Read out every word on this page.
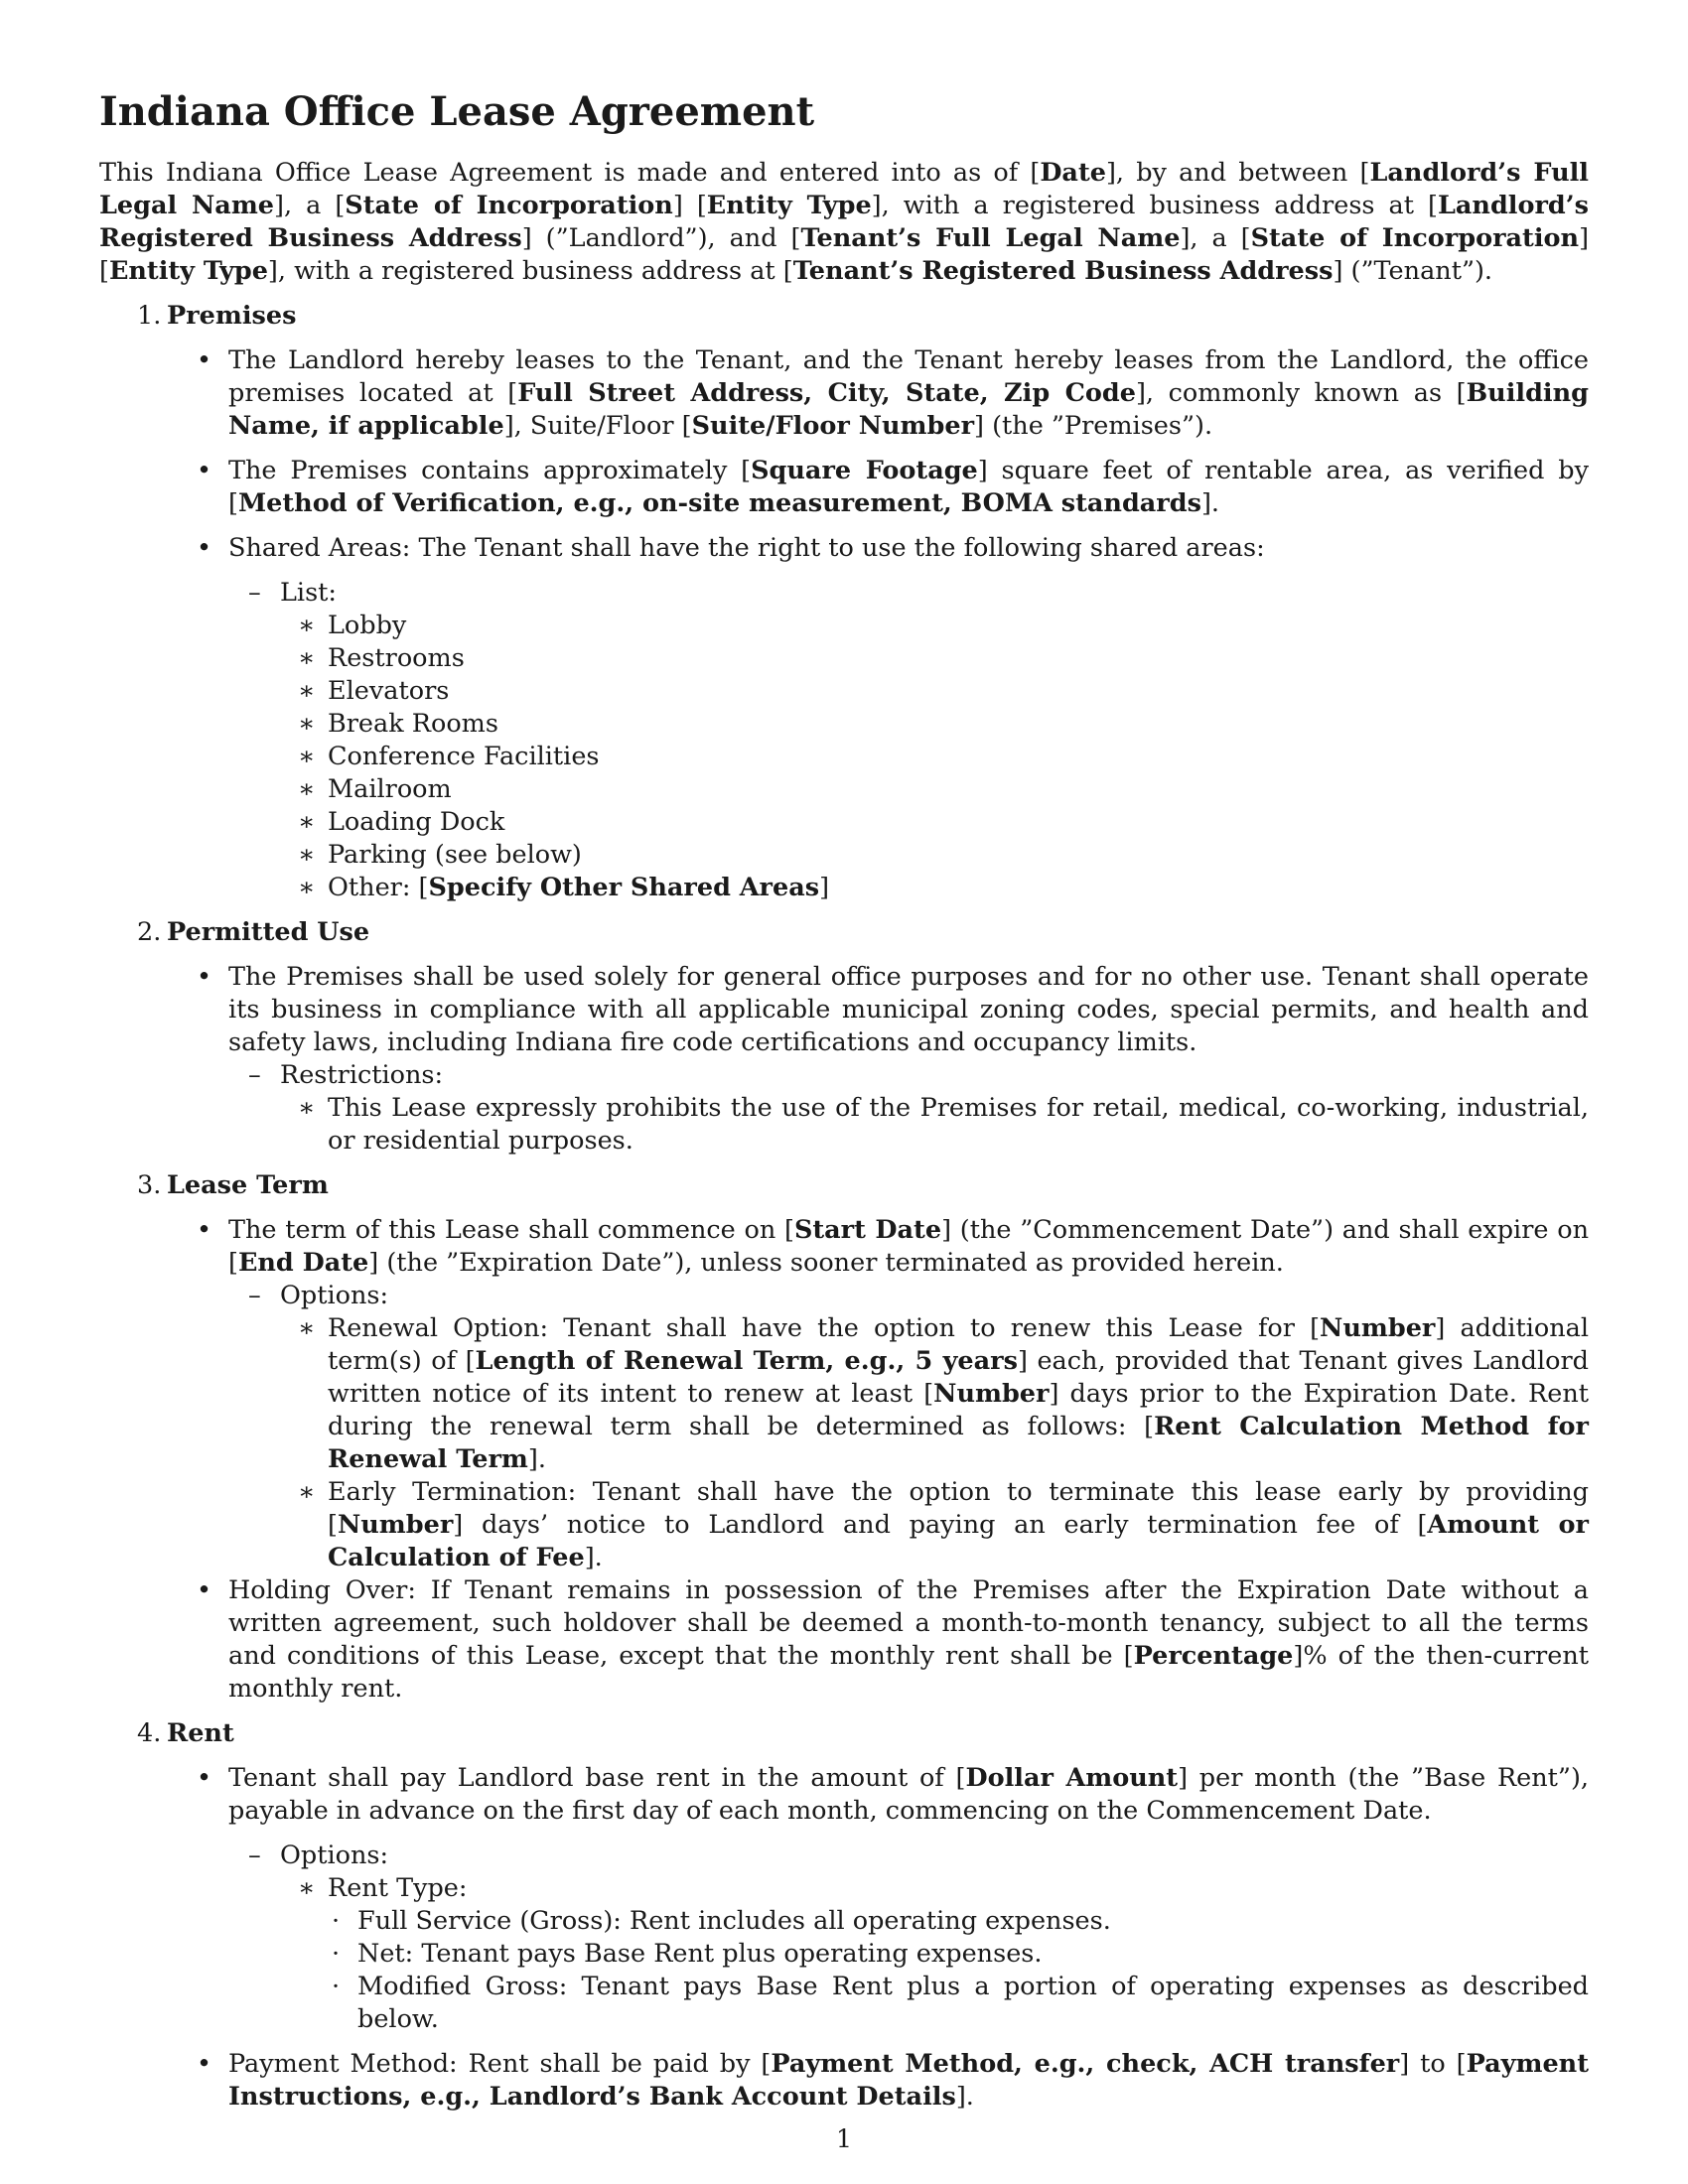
Indiana Office Lease Agreement

This Indiana Office Lease Agreement is made and entered into as of [Date], by and between [Landlord’s Full Legal Name], a [State of Incorporation] [Entity Type], with a registered business address at [Landlord’s Registered Business Address] (”Landlord”), and [Tenant’s Full Legal Name], a [State of Incorporation] [Entity Type], with a registered business address at [Tenant’s Registered Business Address] (”Tenant”).

1. Premises
• The Landlord hereby leases to the Tenant, and the Tenant hereby leases from the Landlord, the office premises located at [Full Street Address, City, State, Zip Code], commonly known as [Building Name, if applicable], Suite/Floor [Suite/Floor Number] (the ”Premises”).
• The Premises contains approximately [Square Footage] square feet of rentable area, as verified by [Method of Verification, e.g., on-site measurement, BOMA standards].
• Shared Areas: The Tenant shall have the right to use the following shared areas:
– List:
∗ Lobby
∗ Restrooms
∗ Elevators
∗ Break Rooms
∗ Conference Facilities
∗ Mailroom
∗ Loading Dock
∗ Parking (see below)
∗ Other: [Specify Other Shared Areas]
2. Permitted Use
• The Premises shall be used solely for general office purposes and for no other use. Tenant shall operate its business in compliance with all applicable municipal zoning codes, special permits, and health and safety laws, including Indiana fire code certifications and occupancy limits.
– Restrictions:
∗ This Lease expressly prohibits the use of the Premises for retail, medical, co-working, industrial, or residential purposes.
3. Lease Term
• The term of this Lease shall commence on [Start Date] (the ”Commencement Date”) and shall expire on [End Date] (the ”Expiration Date”), unless sooner terminated as provided herein.
– Options:
∗ Renewal Option: Tenant shall have the option to renew this Lease for [Number] additional term(s) of [Length of Renewal Term, e.g., 5 years] each, provided that Tenant gives Landlord written notice of its intent to renew at least [Number] days prior to the Expiration Date. Rent during the renewal term shall be determined as follows: [Rent Calculation Method for Renewal Term].
∗ Early Termination: Tenant shall have the option to terminate this lease early by providing [Number] days’ notice to Landlord and paying an early termination fee of [Amount or Calculation of Fee].
• Holding Over: If Tenant remains in possession of the Premises after the Expiration Date without a written agreement, such holdover shall be deemed a month-to-month tenancy, subject to all the terms and conditions of this Lease, except that the monthly rent shall be [Percentage]% of the then-current monthly rent.
4. Rent
• Tenant shall pay Landlord base rent in the amount of [Dollar Amount] per month (the ”Base Rent”), payable in advance on the first day of each month, commencing on the Commencement Date.
– Options:
∗ Rent Type:
· Full Service (Gross): Rent includes all operating expenses.
· Net: Tenant pays Base Rent plus operating expenses.
· Modified Gross: Tenant pays Base Rent plus a portion of operating expenses as described below.
• Payment Method: Rent shall be paid by [Payment Method, e.g., check, ACH transfer] to [Payment Instructions, e.g., Landlord’s Bank Account Details].
1
